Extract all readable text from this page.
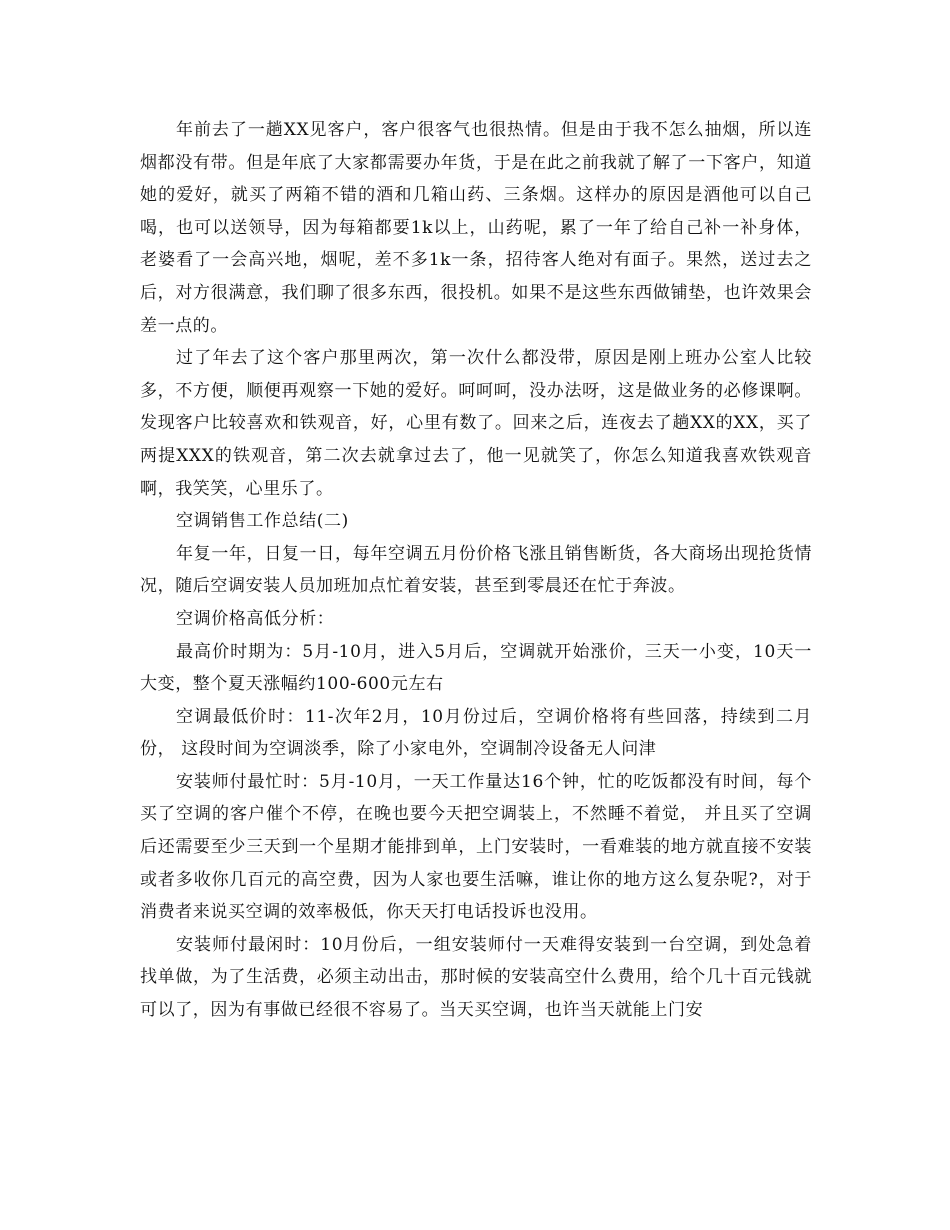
年前去了一趟XX见客户，客户很客气也很热情。但是由于我不怎么抽烟，所以连烟都没有带。但是年底了大家都需要办年货，于是在此之前我就了解了一下客户，知道她的爱好，就买了两箱不错的酒和几箱山药、三条烟。这样办的原因是酒他可以自己喝，也可以送领导，因为每箱都要1k以上，山药呢，累了一年了给自己补一补身体，老婆看了一会高兴地，烟呢，差不多1k一条，招待客人绝对有面子。果然，送过去之后，对方很满意，我们聊了很多东西，很投机。如果不是这些东西做铺垫，也许效果会差一点的。

过了年去了这个客户那里两次，第一次什么都没带，原因是刚上班办公室人比较多，不方便，顺便再观察一下她的爱好。呵呵呵，没办法呀，这是做业务的必修课啊。发现客户比较喜欢和铁观音，好，心里有数了。回来之后，连夜去了趟XX的XX，买了两提XXX的铁观音，第二次去就拿过去了，他一见就笑了，你怎么知道我喜欢铁观音啊，我笑笑，心里乐了。

空调销售工作总结(二)

年复一年，日复一日，每年空调五月份价格飞涨且销售断货，各大商场出现抢货情况，随后空调安装人员加班加点忙着安装，甚至到零晨还在忙于奔波。

空调价格高低分析：

最高价时期为：5月-10月，进入5月后，空调就开始涨价，三天一小变，10天一大变，整个夏天涨幅约100-600元左右

空调最低价时：11-次年2月，10月份过后，空调价格将有些回落，持续到二月份， 这段时间为空调淡季，除了小家电外，空调制冷设备无人问津

安装师付最忙时：5月-10月，一天工作量达16个钟，忙的吃饭都没有时间，每个买了空调的客户催个不停，在晚也要今天把空调装上，不然睡不着觉， 并且买了空调后还需要至少三天到一个星期才能排到单，上门安装时，一看难装的地方就直接不安装或者多收你几百元的高空费，因为人家也要生活嘛，谁让你的地方这么复杂呢?，对于消费者来说买空调的效率极低，你天天打电话投诉也没用。

安装师付最闲时：10月份后，一组安装师付一天难得安装到一台空调，到处急着找单做，为了生活费，必须主动出击，那时候的安装高空什么费用，给个几十百元钱就可以了，因为有事做已经很不容易了。当天买空调，也许当天就能上门安
